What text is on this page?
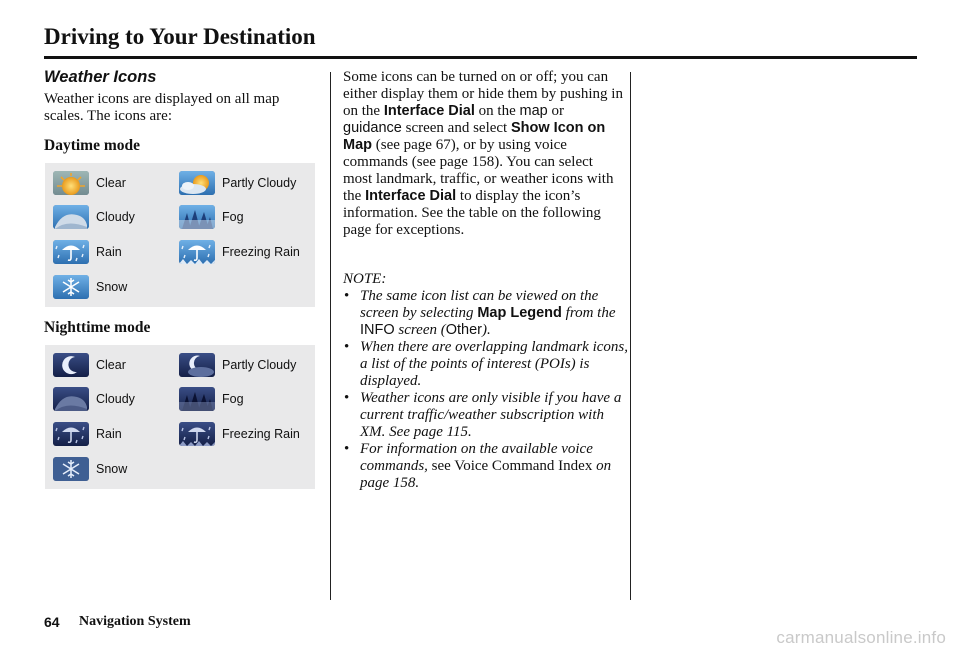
Driving to Your Destination
Weather Icons

Weather icons are displayed on all map scales. The icons are:

Daytime mode
Clear	Partly Cloudy
Cloudy	Fog
Rain	Freezing Rain
Snow
Nighttime mode
Clear	Partly Cloudy
Cloudy	Fog
Rain	Freezing Rain
Snow

Some icons can be turned on or off; you can either display them or hide them by pushing in on the Interface Dial on the map or guidance screen and select Show Icon on Map (see page 67), or by using voice commands (see page 158). You can select most landmark, traffic, or weather icons with the Interface Dial to display the icon’s information. See the table on the following page for exceptions.

NOTE:

• The same icon list can be viewed on the screen by selecting Map Legend from the INFO screen (Other).
• When there are overlapping landmark icons, a list of the points of interest (POIs) is displayed.
• Weather icons are only visible if you have a current traffic/weather subscription with XM. See page 115.
• For information on the available voice commands, see Voice Command Index on page 158.
64 Navigation System
carmanualsonline.info
